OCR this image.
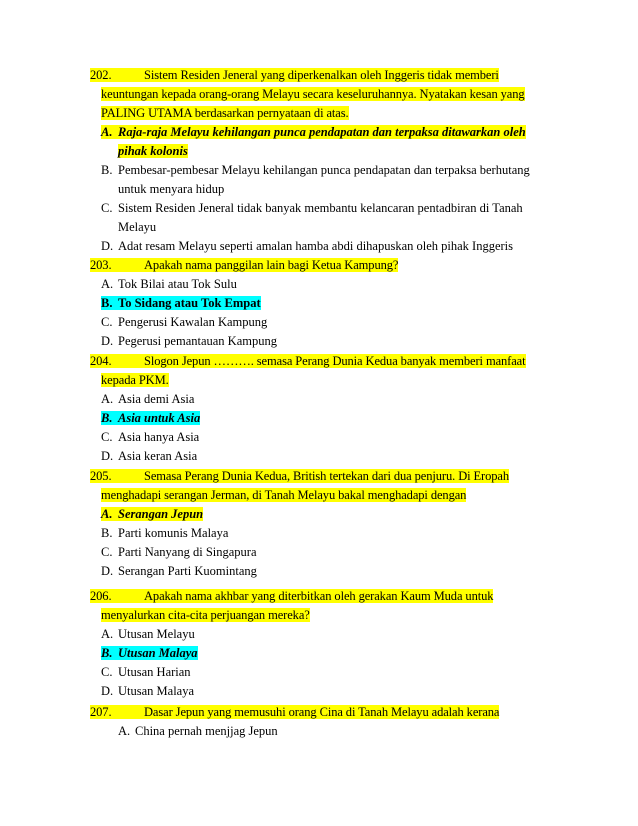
202.	Sistem Residen Jeneral yang diperkenalkan oleh Inggeris tidak memberi
keuntungan kepada orang-orang Melayu secara keseluruhannya. Nyatakan kesan yang
PALING UTAMA berdasarkan pernyataan di atas.
A. Raja-raja Melayu kehilangan punca pendapatan dan terpaksa ditawarkan oleh
pihak kolonis
B. Pembesar-pembesar Melayu kehilangan punca pendapatan dan terpaksa berhutang
untuk menyara hidup
C. Sistem Residen Jeneral tidak banyak membantu kelancaran pentadbiran di Tanah
Melayu
D. Adat resam Melayu seperti amalan hamba abdi dihapuskan oleh pihak Inggeris
203.	Apakah nama panggilan lain bagi Ketua Kampung?
A. Tok Bilai atau Tok Sulu
B. To Sidang atau Tok Empat
C. Pengerusi Kawalan Kampung
D. Pegerusi pemantauan Kampung
204.	Slogon Jepun ………. semasa Perang Dunia Kedua banyak memberi manfaat
kepada PKM.
A. Asia demi Asia
B. Asia untuk Asia
C. Asia hanya Asia
D. Asia keran Asia
205.	Semasa Perang Dunia Kedua, British tertekan dari dua penjuru. Di Eropah
menghadapi serangan Jerman, di Tanah Melayu bakal menghadapi dengan
A. Serangan Jepun
B. Parti komunis Malaya
C. Parti Nanyang di Singapura
D. Serangan Parti Kuomintang
206.	Apakah nama akhbar yang diterbitkan oleh gerakan Kaum Muda untuk
menyalurkan cita-cita perjuangan mereka?
A. Utusan Melayu
B. Utusan Malaya
C. Utusan Harian
D. Utusan Malaya
207.	Dasar Jepun yang memusuhi orang Cina di Tanah Melayu adalah kerana
A. China pernah menjjag Jepun
